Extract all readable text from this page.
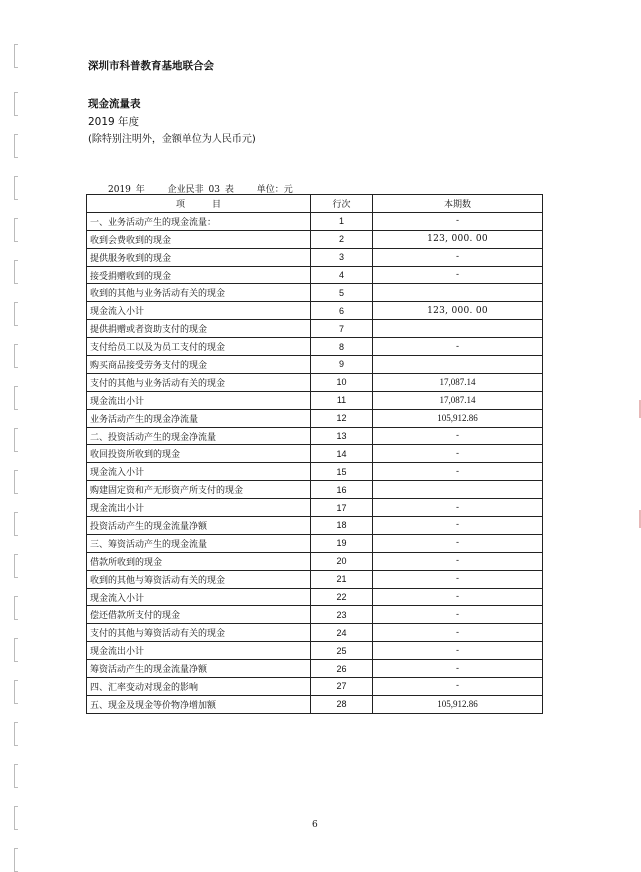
深圳市科普教育基地联合会
现金流量表
2019 年度
(除特别注明外，金额单位为人民币元)
2019 年	企业民非 03 表	单位：元
项　　　目	行次	本期数
一、业务活动产生的现金流量：	1	-
收到会费收到的现金	2	123, 000. 00
提供服务收到的现金	3	-
接受捐赠收到的现金	4	-
收到的其他与业务活动有关的现金	5	
现金流入小计	6	123, 000. 00
提供捐赠或者资助支付的现金	7	
支付给员工以及为员工支付的现金	8	-
购买商品接受劳务支付的现金	9	
支付的其他与业务活动有关的现金	10	17,087.14
现金流出小计	11	17,087.14
业务活动产生的现金净流量	12	105,912.86
二、投资活动产生的现金净流量	13	-
收回投资所收到的现金	14	-
现金流入小计	15	-
购建固定资和产无形资产所支付的现金	16	
现金流出小计	17	-
投资活动产生的现金流量净额	18	-
三、筹资活动产生的现金流量	19	-
借款所收到的现金	20	-
收到的其他与筹资活动有关的现金	21	-
现金流入小计	22	-
偿还借款所支付的现金	23	-
支付的其他与筹资活动有关的现金	24	-
现金流出小计	25	-
筹资活动产生的现金流量净额	26	-
四、汇率变动对现金的影响	27	-
五、现金及现金等价物净增加额	28	105,912.86
6
